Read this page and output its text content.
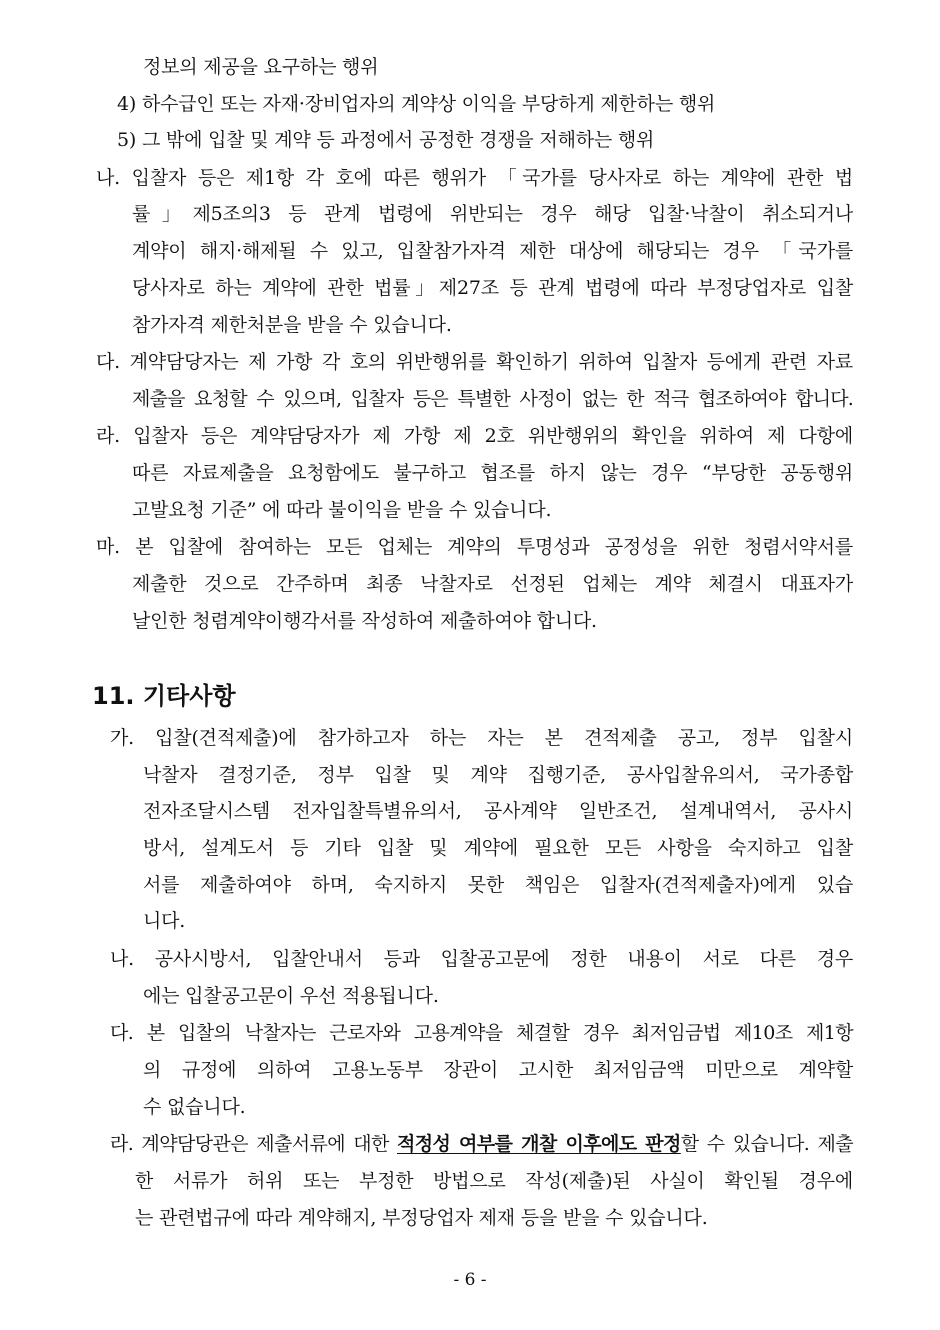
정보의 제공을 요구하는 행위
4) 하수급인 또는 자재·장비업자의 계약상 이익을 부당하게 제한하는 행위
5) 그 밖에 입찰 및 계약 등 과정에서 공정한 경쟁을 저해하는 행위
나. 입찰자 등은 제1항 각 호에 따른 행위가 「국가를 당사자로 하는 계약에 관한 법
률」제5조의3 등 관계 법령에 위반되는 경우 해당 입찰·낙찰이 취소되거나
계약이 해지·해제될 수 있고, 입찰참가자격 제한 대상에 해당되는 경우 「국가를
당사자로 하는 계약에 관한 법률」제27조 등 관계 법령에 따라 부정당업자로 입찰
참가자격 제한처분을 받을 수 있습니다.
다. 계약담당자는 제 가항 각 호의 위반행위를 확인하기 위하여 입찰자 등에게 관련 자료
제출을 요청할 수 있으며, 입찰자 등은 특별한 사정이 없는 한 적극 협조하여야 합니다.
라. 입찰자 등은 계약담당자가 제 가항 제 2호 위반행위의 확인을 위하여 제 다항에
따른 자료제출을 요청함에도 불구하고 협조를 하지 않는 경우 “부당한 공동행위
고발요청 기준” 에 따라 불이익을 받을 수 있습니다.
마. 본 입찰에 참여하는 모든 업체는 계약의 투명성과 공정성을 위한 청렴서약서를
제출한 것으로 간주하며 최종 낙찰자로 선정된 업체는 계약 체결시 대표자가
날인한 청렴계약이행각서를 작성하여 제출하여야 합니다.
11. 기타사항
가. 입찰(견적제출)에 참가하고자 하는 자는 본 견적제출 공고, 정부 입찰시
낙찰자 결정기준, 정부 입찰 및 계약 집행기준, 공사입찰유의서, 국가종합
전자조달시스템 전자입찰특별유의서, 공사계약 일반조건, 설계내역서, 공사시
방서, 설계도서 등 기타 입찰 및 계약에 필요한 모든 사항을 숙지하고 입찰
서를 제출하여야 하며, 숙지하지 못한 책임은 입찰자(견적제출자)에게 있습
니다.
나. 공사시방서, 입찰안내서 등과 입찰공고문에 정한 내용이 서로 다른 경우
에는 입찰공고문이 우선 적용됩니다.
다. 본 입찰의 낙찰자는 근로자와 고용계약을 체결할 경우 최저임금법 제10조 제1항
의 규정에 의하여 고용노동부 장관이 고시한 최저임금액 미만으로 계약할
수 없습니다.
라. 계약담당관은 제출서류에 대한 적정성 여부를 개찰 이후에도 판정할 수 있습니다. 제출
한 서류가 허위 또는 부정한 방법으로 작성(제출)된 사실이 확인될 경우에
는 관련법규에 따라 계약해지, 부정당업자 제재 등을 받을 수 있습니다.
- 6 -
